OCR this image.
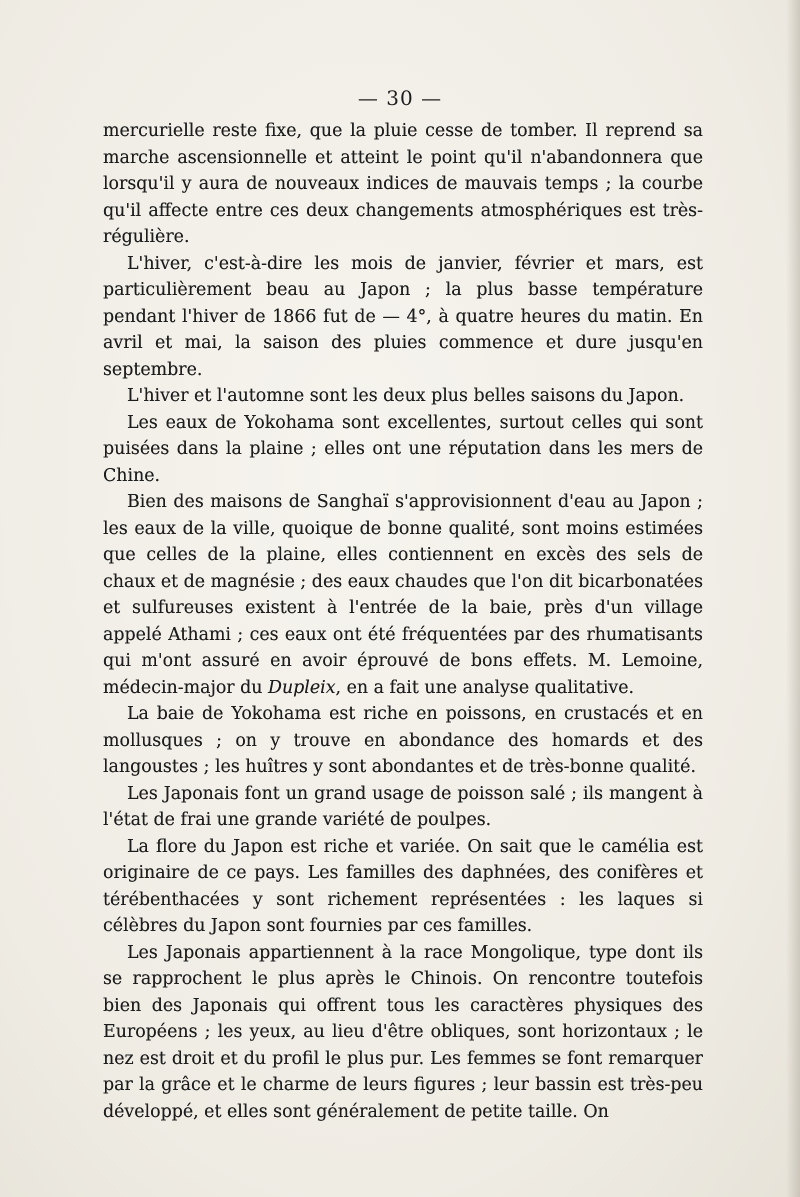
— 30 —

mercurielle reste fixe, que la pluie cesse de tomber. Il reprend sa marche ascensionnelle et atteint le point qu'il n'abandonnera que lorsqu'il y aura de nouveaux indices de mauvais temps ; la courbe qu'il affecte entre ces deux changements atmosphériques est très-régulière.

L'hiver, c'est-à-dire les mois de janvier, février et mars, est particulièrement beau au Japon ; la plus basse température pendant l'hiver de 1866 fut de — 4°, à quatre heures du matin. En avril et mai, la saison des pluies commence et dure jusqu'en septembre.

L'hiver et l'automne sont les deux plus belles saisons du Japon.

Les eaux de Yokohama sont excellentes, surtout celles qui sont puisées dans la plaine ; elles ont une réputation dans les mers de Chine.

Bien des maisons de Sanghaï s'approvisionnent d'eau au Japon ; les eaux de la ville, quoique de bonne qualité, sont moins estimées que celles de la plaine, elles contiennent en excès des sels de chaux et de magnésie ; des eaux chaudes que l'on dit bicarbonatées et sulfureuses existent à l'entrée de la baie, près d'un village appelé Athami ; ces eaux ont été fréquentées par des rhumatisants qui m'ont assuré en avoir éprouvé de bons effets. M. Lemoine, médecin-major du Dupleix, en a fait une analyse qualitative.

La baie de Yokohama est riche en poissons, en crustacés et en mollusques ; on y trouve en abondance des homards et des langoustes ; les huîtres y sont abondantes et de très-bonne qualité.

Les Japonais font un grand usage de poisson salé ; ils mangent à l'état de frai une grande variété de poulpes.

La flore du Japon est riche et variée. On sait que le camélia est originaire de ce pays. Les familles des daphnées, des conifères et térébenthacées y sont richement représentées : les laques si célèbres du Japon sont fournies par ces familles.

Les Japonais appartiennent à la race Mongolique, type dont ils se rapprochent le plus après le Chinois. On rencontre toutefois bien des Japonais qui offrent tous les caractères physiques des Européens ; les yeux, au lieu d'être obliques, sont horizontaux ; le nez est droit et du profil le plus pur. Les femmes se font remarquer par la grâce et le charme de leurs figures ; leur bassin est très-peu développé, et elles sont généralement de petite taille. On
